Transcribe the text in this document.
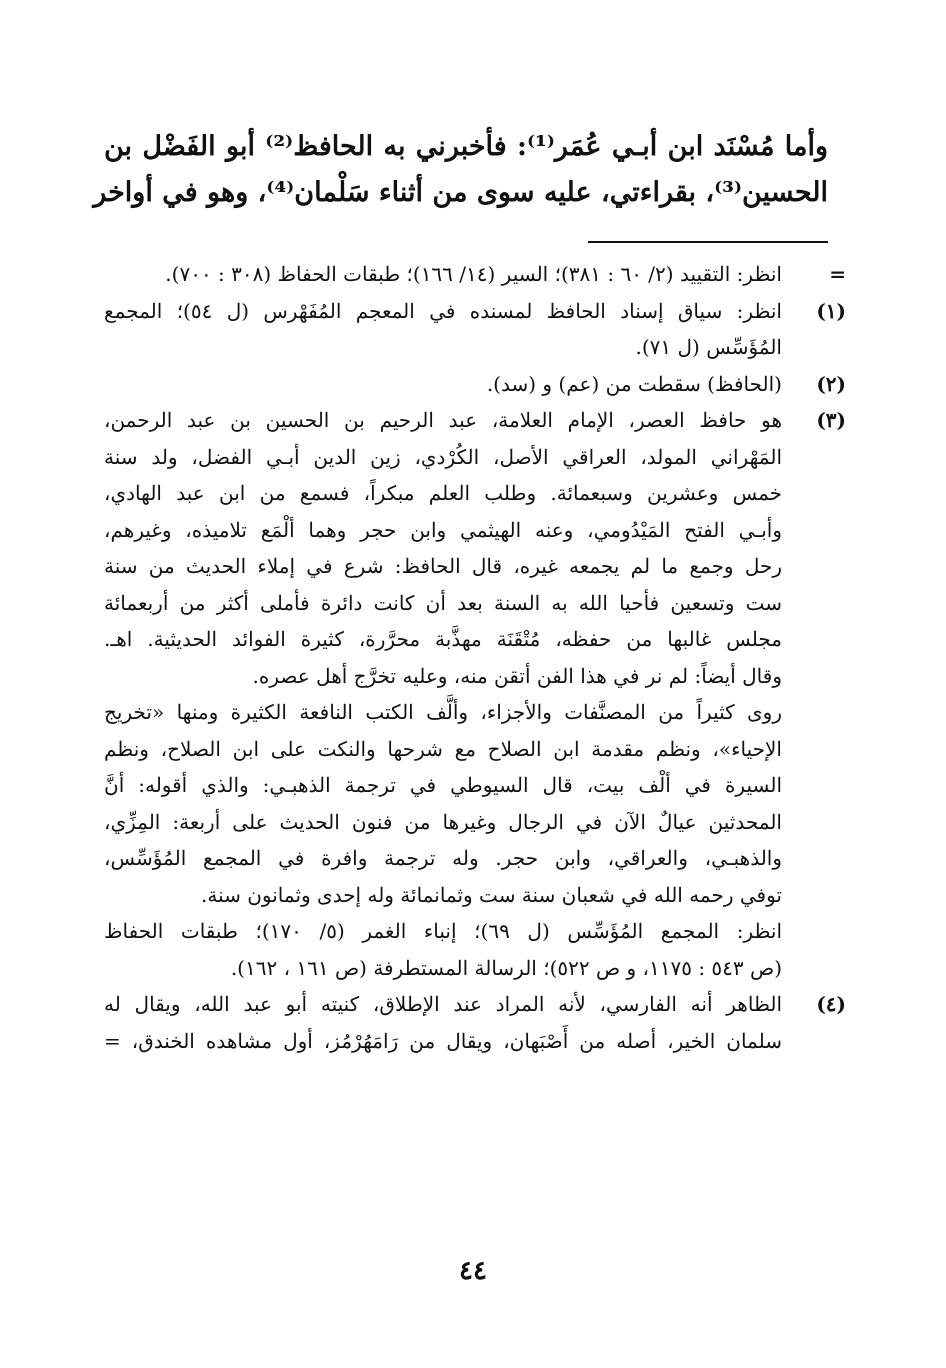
وأما مُسْنَد ابن أبـي عُمَر⁽¹⁾: فأخبرني به الحافظ⁽²⁾ أبو الفَضْل بن
الحسين⁽³⁾، بقراءتي، عليه سوى من أثناء سَلْمان⁽⁴⁾، وهو في أواخر
=
انظر: التقييد (٢/ ٦٠ : ٣٨١)؛ السير (١٤/ ١٦٦)؛ طبقات الحفاظ (٣٠٨ : ٧٠٠).
(١)
انظر: سياق إسناد الحافظ لمسنده في المعجم المُفَهْرس (ل ٥٤)؛ المجمع
المُؤَسِّس (ل ٧١).
(٢)
(الحافظ) سقطت من (عم) و (سد).
(٣)
هو حافظ العصر، الإمام العلامة، عبد الرحيم بن الحسين بن عبد الرحمن،
المَهْراني المولد، العراقي الأصل، الكُرْدي، زين الدين أبـي الفضل، ولد سنة
خمس وعشرين وسبعمائة. وطلب العلم مبكراً، فسمع من ابن عبد الهادي،
وأبـي الفتح المَيْدُومي، وعنه الهيثمي وابن حجر وهما ألْمَع تلاميذه، وغيرهم،
رحل وجمع ما لم يجمعه غيره، قال الحافظ: شرع في إملاء الحديث من سنة
ست وتسعين فأحيا الله به السنة بعد أن كانت دائرة فأملى أكثر من أربعمائة
مجلس غالبها من حفظه، مُتْقَنَة مهذَّبة محرَّرة، كثيرة الفوائد الحديثية. اهـ.
وقال أيضاً: لم نر في هذا الفن أتقن منه، وعليه تخرَّج أهل عصره.
روى كثيراً من المصنَّفات والأجزاء، وألَّف الكتب النافعة الكثيرة ومنها «تخريج
الإحياء»، ونظم مقدمة ابن الصلاح مع شرحها والنكت على ابن الصلاح، ونظم
السيرة في ألْف بيت، قال السيوطي في ترجمة الذهبـي: والذي أقوله: أنَّ
المحدثين عيالٌ الآن في الرجال وغيرها من فنون الحديث على أربعة: المِزِّي،
والذهبـي، والعراقي، وابن حجر. وله ترجمة وافرة في المجمع المُؤَسِّس،
توفي رحمه الله في شعبان سنة ست وثمانمائة وله إحدى وثمانون سنة.
انظر: المجمع المُؤَسِّس (ل ٦٩)؛ إنباء الغمر (٥/ ١٧٠)؛ طبقات الحفاظ
(ص ٥٤٣ : ١١٧٥، و ص ٥٢٢)؛ الرسالة المستطرفة (ص ١٦١ ، ١٦٢).
(٤)
الظاهر أنه الفارسي، لأنه المراد عند الإطلاق، كنيته أبو عبد الله، ويقال له
سلمان الخير، أصله من أَصْبَهان، ويقال من رَامَهُرْمُز، أول مشاهده الخندق، =
٤٤
